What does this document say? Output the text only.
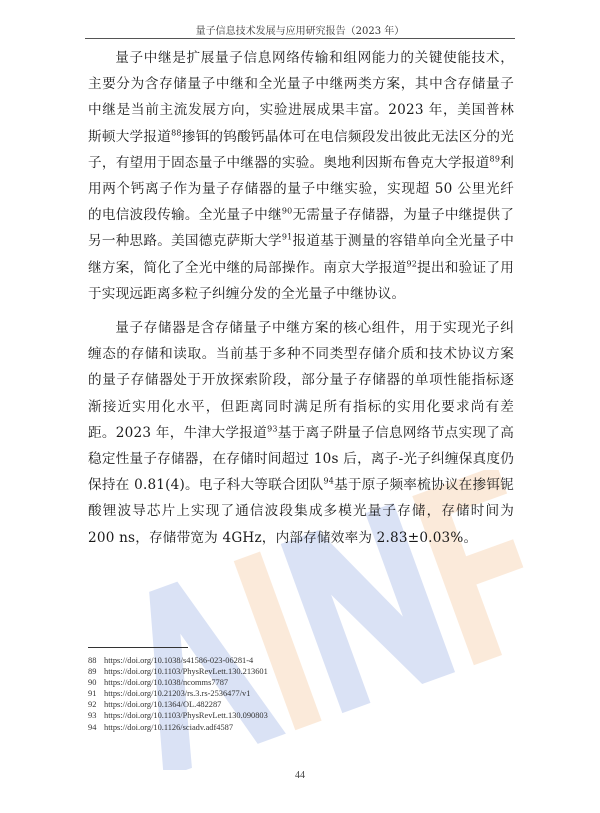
量子信息技术发展与应用研究报告（2023 年）

量子中继是扩展量子信息网络传输和组网能力的关键使能技术，主要分为含存储量子中继和全光量子中继两类方案，其中含存储量子中继是当前主流发展方向，实验进展成果丰富。2023 年，美国普林斯顿大学报道$^{88}$掺铒的钨酸钙晶体可在电信频段发出彼此无法区分的光子，有望用于固态量子中继器的实验。奥地利因斯布鲁克大学报道$^{89}$利用两个钙离子作为量子存储器的量子中继实验，实现超 50 公里光纤的电信波段传输。全光量子中继$^{90}$无需量子存储器，为量子中继提供了另一种思路。美国德克萨斯大学$^{91}$报道基于测量的容错单向全光量子中继方案，简化了全光中继的局部操作。南京大学报道$^{92}$提出和验证了用于实现远距离多粒子纠缠分发的全光量子中继协议。

量子存储器是含存储量子中继方案的核心组件，用于实现光子纠缠态的存储和读取。当前基于多种不同类型存储介质和技术协议方案的量子存储器处于开放探索阶段，部分量子存储器的单项性能指标逐渐接近实用化水平，但距离同时满足所有指标的实用化要求尚有差距。2023 年，牛津大学报道$^{93}$基于离子阱量子信息网络节点实现了高稳定性量子存储器，在存储时间超过 10s 后，离子-光子纠缠保真度仍保持在 0.81(4)。电子科大等联合团队$^{94}$基于原子频率梳协议在掺铒铌酸锂波导芯片上实现了通信波段集成多模光量子存储，存储时间为 200 ns，存储带宽为 4GHz，内部存储效率为 2.83±0.03%。

88 https://doi.org/10.1038/s41586-023-06281-4
89 https://doi.org/10.1103/PhysRevLett.130.213601
90 https://doi.org/10.1038/ncomms7787
91 https://doi.org/10.21203/rs.3.rs-2536477/v1
92 https://doi.org/10.1364/OL.482287
93 https://doi.org/10.1103/PhysRevLett.130.090803
94 https://doi.org/10.1126/sciadv.adf4587
44
